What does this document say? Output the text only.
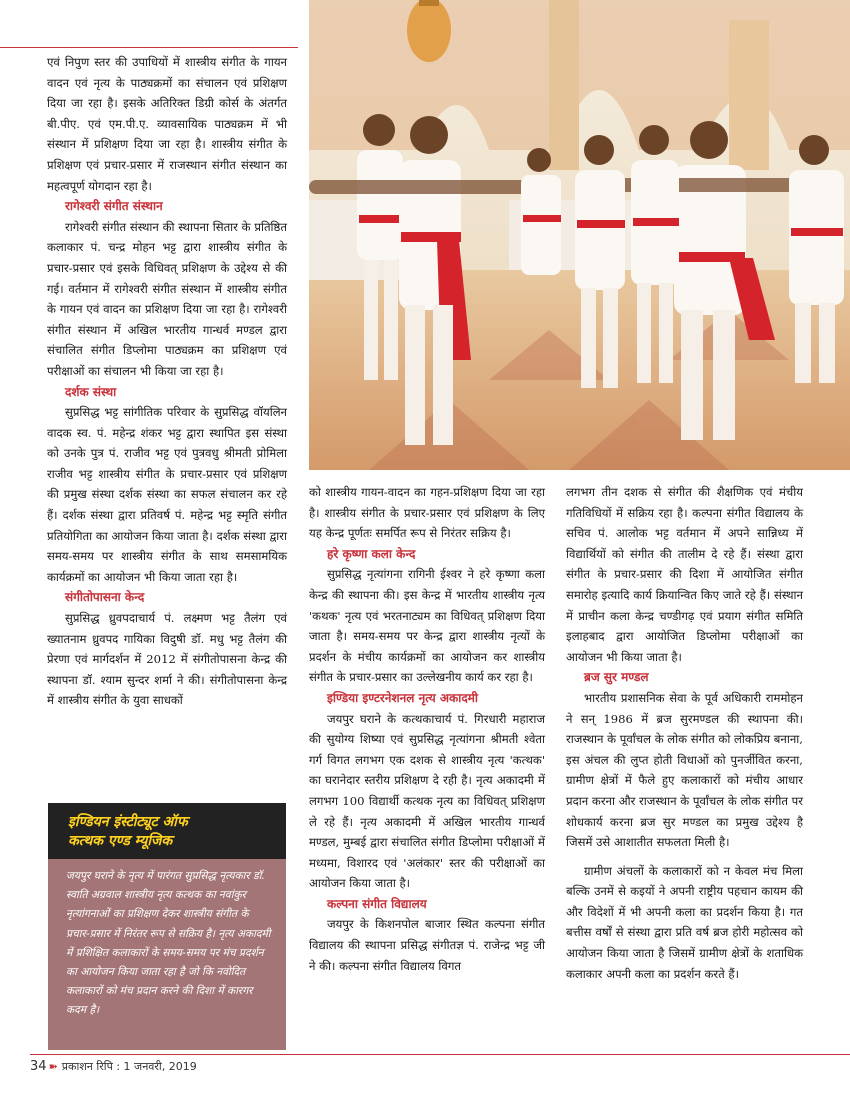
एवं निपुण स्तर की उपाधियों में शास्त्रीय संगीत के गायन वादन एवं नृत्य के पाठ्यक्रमों का संचालन एवं प्रशिक्षण दिया जा रहा है। इसके अतिरिक्त डिग्री कोर्स के अंतर्गत बी.पीए. एवं एम.पी.ए. व्यावसायिक पाठ्यक्रम में भी संस्थान में प्रशिक्षण दिया जा रहा है। शास्त्रीय संगीत के प्रशिक्षण एवं प्रचार-प्रसार में राजस्थान संगीत संस्थान का महत्वपूर्ण योगदान रहा है।

रागेश्वरी संगीत संस्थान

रागेश्वरी संगीत संस्थान की स्थापना सितार के प्रतिष्ठित कलाकार पं. चन्द्र मोहन भट्ट द्वारा शास्त्रीय संगीत के प्रचार-प्रसार एवं इसके विधिवत् प्रशिक्षण के उद्देश्य से की गई। वर्तमान में रागेश्वरी संगीत संस्थान में शास्त्रीय संगीत के गायन एवं वादन का प्रशिक्षण दिया जा रहा है। रागेश्वरी संगीत संस्थान में अखिल भारतीय गान्धर्व मण्डल द्वारा संचालित संगीत डिप्लोमा पाठ्यक्रम का प्रशिक्षण एवं परीक्षाओं का संचालन भी किया जा रहा है।

दर्शक संस्था

सुप्रसिद्ध भट्ट सांगीतिक परिवार के सुप्रसिद्ध वॉयलिन वादक स्व. पं. महेन्द्र शंकर भट्ट द्वारा स्थापित इस संस्था को उनके पुत्र पं. राजीव भट्ट एवं पुत्रवधु श्रीमती प्रोमिला राजीव भट्ट शास्त्रीय संगीत के प्रचार-प्रसार एवं प्रशिक्षण की प्रमुख संस्था दर्शक संस्था का सफल संचालन कर रहे हैं। दर्शक संस्था द्वारा प्रतिवर्ष पं. महेन्द्र भट्ट स्मृति संगीत प्रतियोगिता का आयोजन किया जाता है। दर्शक संस्था द्वारा समय-समय पर शास्त्रीय संगीत के साथ समसामयिक कार्यक्रमों का आयोजन भी किया जाता रहा है।

संगीतोपासना केन्द

सुप्रसिद्ध ध्रुवपदाचार्य पं. लक्ष्मण भट्ट तैलंग एवं ख्यातनाम ध्रुवपद गायिका विदुषी डॉ. मधु भट्ट तैलंग की प्रेरणा एवं मार्गदर्शन में 2012 में संगीतोपासना केन्द्र की स्थापना डॉ. श्याम सुन्दर शर्मा ने की। संगीतोपासना केन्द्र में शास्त्रीय संगीत के युवा साधकों

इण्डियन इंस्टीट्यूट ऑफ
कत्थक एण्ड म्यूजिक
जयपुर घराने के नृत्य में पारंगत सुप्रसिद्ध नृत्यकार डॉ. स्वाति अग्रवाल शास्त्रीय नृत्य कत्थक का नवांकुर नृत्यांगनाओं का प्रशिक्षण देकर शास्त्रीय संगीत के प्रचार-प्रसार में निरंतर रूप से सक्रिय है। नृत्य अकादमी में प्रशिक्षित कलाकारों के समय-समय पर मंच प्रदर्शन का आयोजन किया जाता रहा है जो कि नवोदित कलाकारों को मंच प्रदान करने की दिशा में कारगर कदम है।

को शास्त्रीय गायन-वादन का गहन-प्रशिक्षण दिया जा रहा है। शास्त्रीय संगीत के प्रचार-प्रसार एवं प्रशिक्षण के लिए यह केन्द्र पूर्णतः समर्पित रूप से निरंतर सक्रिय है।

हरे कृष्णा कला केन्द

सुप्रसिद्ध नृत्यांगना रागिनी ईश्वर ने हरे कृष्णा कला केन्द्र की स्थापना की। इस केन्द्र में भारतीय शास्त्रीय नृत्य 'कथक' नृत्य एवं भरतनाट्यम का विधिवत् प्रशिक्षण दिया जाता है। समय-समय पर केन्द्र द्वारा शास्त्रीय नृत्यों के प्रदर्शन के मंचीय कार्यक्रमों का आयोजन कर शास्त्रीय संगीत के प्रचार-प्रसार का उल्लेखनीय कार्य कर रहा है।

इण्डिया इण्टरनेशनल नृत्य अकादमी

जयपुर घराने के कत्थकाचार्य पं. गिरधारी महाराज की सुयोग्य शिष्या एवं सुप्रसिद्ध नृत्यांगना श्रीमती श्वेता गर्ग विगत लगभग एक दशक से शास्त्रीय नृत्य 'कत्थक' का घरानेदार स्तरीय प्रशिक्षण दे रही है। नृत्य अकादमी में लगभग 100 विद्यार्थी कत्थक नृत्य का विधिवत् प्रशिक्षण ले रहे हैं। नृत्य अकादमी में अखिल भारतीय गान्धर्व मण्डल, मुम्बई द्वारा संचालित संगीत डिप्लोमा परीक्षाओं में मध्यमा, विशारद एवं 'अलंकार' स्तर की परीक्षाओं का आयोजन किया जाता है।

कल्पना संगीत विद्यालय

जयपुर के किशनपोल बाजार स्थित कल्पना संगीत विद्यालय की स्थापना प्रसिद्ध संगीतज्ञ पं. राजेन्द्र भट्ट जी ने की। कल्पना संगीत विद्यालय विगत

लगभग तीन दशक से संगीत की शैक्षणिक एवं मंचीय गतिविधियों में सक्रिय रहा है। कल्पना संगीत विद्यालय के सचिव पं. आलोक भट्ट वर्तमान में अपने सान्निध्य में विद्यार्थियों को संगीत की तालीम दे रहे हैं। संस्था द्वारा संगीत के प्रचार-प्रसार की दिशा में आयोजित संगीत समारोह इत्यादि कार्य क्रियान्वित किए जाते रहे हैं। संस्थान में प्राचीन कला केन्द्र चण्डीगढ़ एवं प्रयाग संगीत समिति इलाहबाद द्वारा आयोजित डिप्लोमा परीक्षाओं का आयोजन भी किया जाता है।

ब्रज सुर मण्डल

भारतीय प्रशासनिक सेवा के पूर्व अधिकारी राममोहन ने सन् 1986 में ब्रज सुरमण्डल की स्थापना की। राजस्थान के पूर्वांचल के लोक संगीत को लोकप्रिय बनाना, इस अंचल की लुप्त होती विधाओं को पुनर्जीवित करना, ग्रामीण क्षेत्रों में फैले हुए कलाकारों को मंचीय आधार प्रदान करना और राजस्थान के पूर्वांचल के लोक संगीत पर शोधकार्य करना ब्रज सुर मण्डल का प्रमुख उद्देश्य है जिसमें उसे आशातीत सफलता मिली है।

ग्रामीण अंचलों के कलाकारों को न केवल मंच मिला बल्कि उनमें से कइयों ने अपनी राष्ट्रीय पहचान कायम की और विदेशों में भी अपनी कला का प्रदर्शन किया है। गत बत्तीस वर्षों से संस्था द्वारा प्रति वर्ष ब्रज होरी महोत्सव को आयोजन किया जाता है जिसमें ग्रामीण क्षेत्रों के शताधिक कलाकार अपनी कला का प्रदर्शन करते हैं।

34 ➽ प्रकाशन रिपि : 1 जनवरी, 2019
